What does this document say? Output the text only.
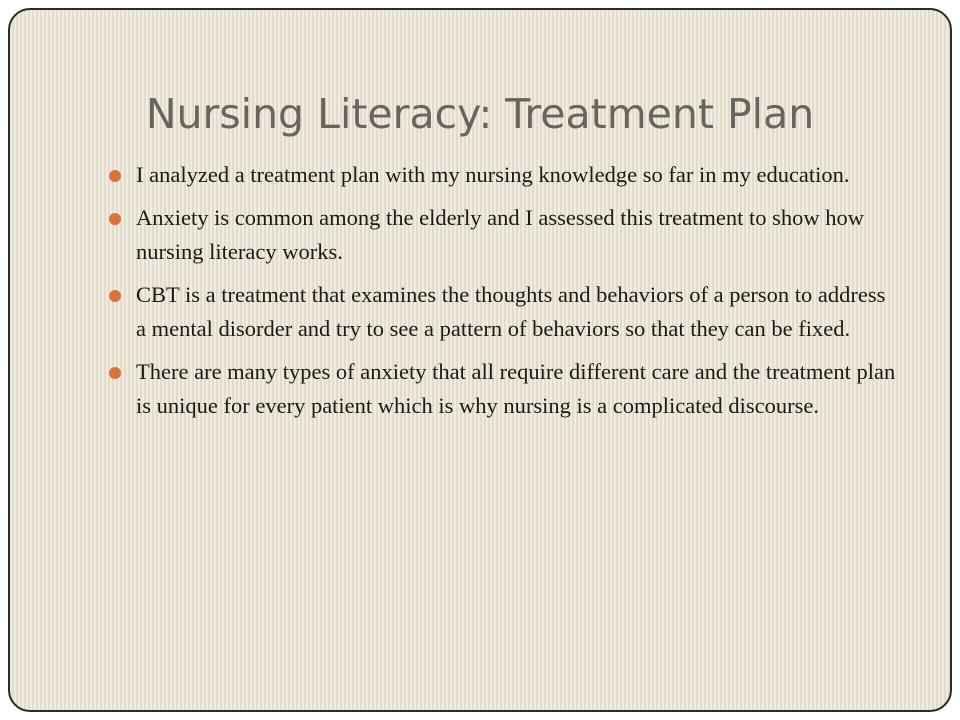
Nursing Literacy: Treatment Plan
I analyzed a treatment plan with my nursing knowledge so far in my education.
Anxiety is common among the elderly and I assessed this treatment to show how nursing literacy works.
CBT is a treatment that examines the thoughts and behaviors of a person to address a mental disorder and try to see a pattern of behaviors so that they can be fixed.
There are many types of anxiety that all require different care and the treatment plan is unique for every patient which is why nursing is a complicated discourse.
